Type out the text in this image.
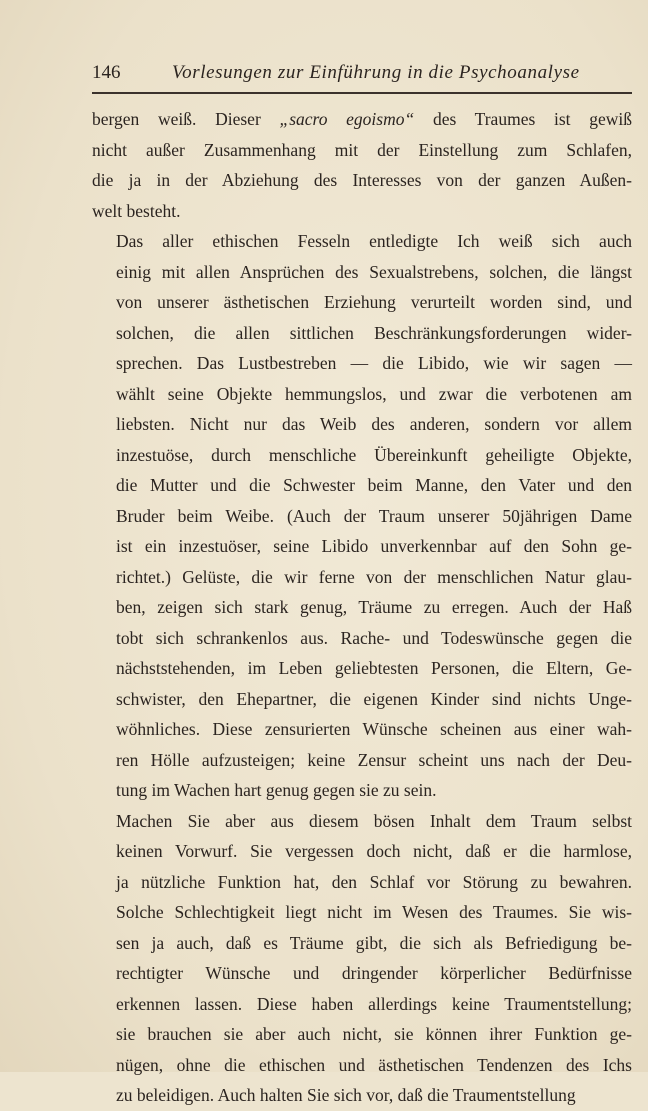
146	Vorlesungen zur Einführung in die Psychoanalyse
bergen weiß. Dieser „sacro egoismo“ des Traumes ist gewiß
nicht außer Zusammenhang mit der Einstellung zum Schlafen,
die ja in der Abziehung des Interesses von der ganzen Außen-
welt besteht.
Das aller ethischen Fesseln entledigte Ich weiß sich auch
einig mit allen Ansprüchen des Sexualstrebens, solchen, die längst
von unserer ästhetischen Erziehung verurteilt worden sind, und
solchen, die allen sittlichen Beschränkungsforderungen wider-
sprechen. Das Lustbestreben — die Libido, wie wir sagen —
wählt seine Objekte hemmungslos, und zwar die verbotenen am
liebsten. Nicht nur das Weib des anderen, sondern vor allem
inzestuöse, durch menschliche Übereinkunft geheiligte Objekte,
die Mutter und die Schwester beim Manne, den Vater und den
Bruder beim Weibe. (Auch der Traum unserer 50jährigen Dame
ist ein inzestuöser, seine Libido unverkennbar auf den Sohn ge-
richtet.) Gelüste, die wir ferne von der menschlichen Natur glau-
ben, zeigen sich stark genug, Träume zu erregen. Auch der Haß
tobt sich schrankenlos aus. Rache- und Todeswünsche gegen die
nächststehenden, im Leben geliebtesten Personen, die Eltern, Ge-
schwister, den Ehepartner, die eigenen Kinder sind nichts Unge-
wöhnliches. Diese zensurierten Wünsche scheinen aus einer wah-
ren Hölle aufzusteigen; keine Zensur scheint uns nach der Deu-
tung im Wachen hart genug gegen sie zu sein.
Machen Sie aber aus diesem bösen Inhalt dem Traum selbst
keinen Vorwurf. Sie vergessen doch nicht, daß er die harmlose,
ja nützliche Funktion hat, den Schlaf vor Störung zu bewahren.
Solche Schlechtigkeit liegt nicht im Wesen des Traumes. Sie wis-
sen ja auch, daß es Träume gibt, die sich als Befriedigung be-
rechtigter Wünsche und dringender körperlicher Bedürfnisse
erkennen lassen. Diese haben allerdings keine Traumentstellung;
sie brauchen sie aber auch nicht, sie können ihrer Funktion ge-
nügen, ohne die ethischen und ästhetischen Tendenzen des Ichs
zu beleidigen. Auch halten Sie sich vor, daß die Traumentstellung
